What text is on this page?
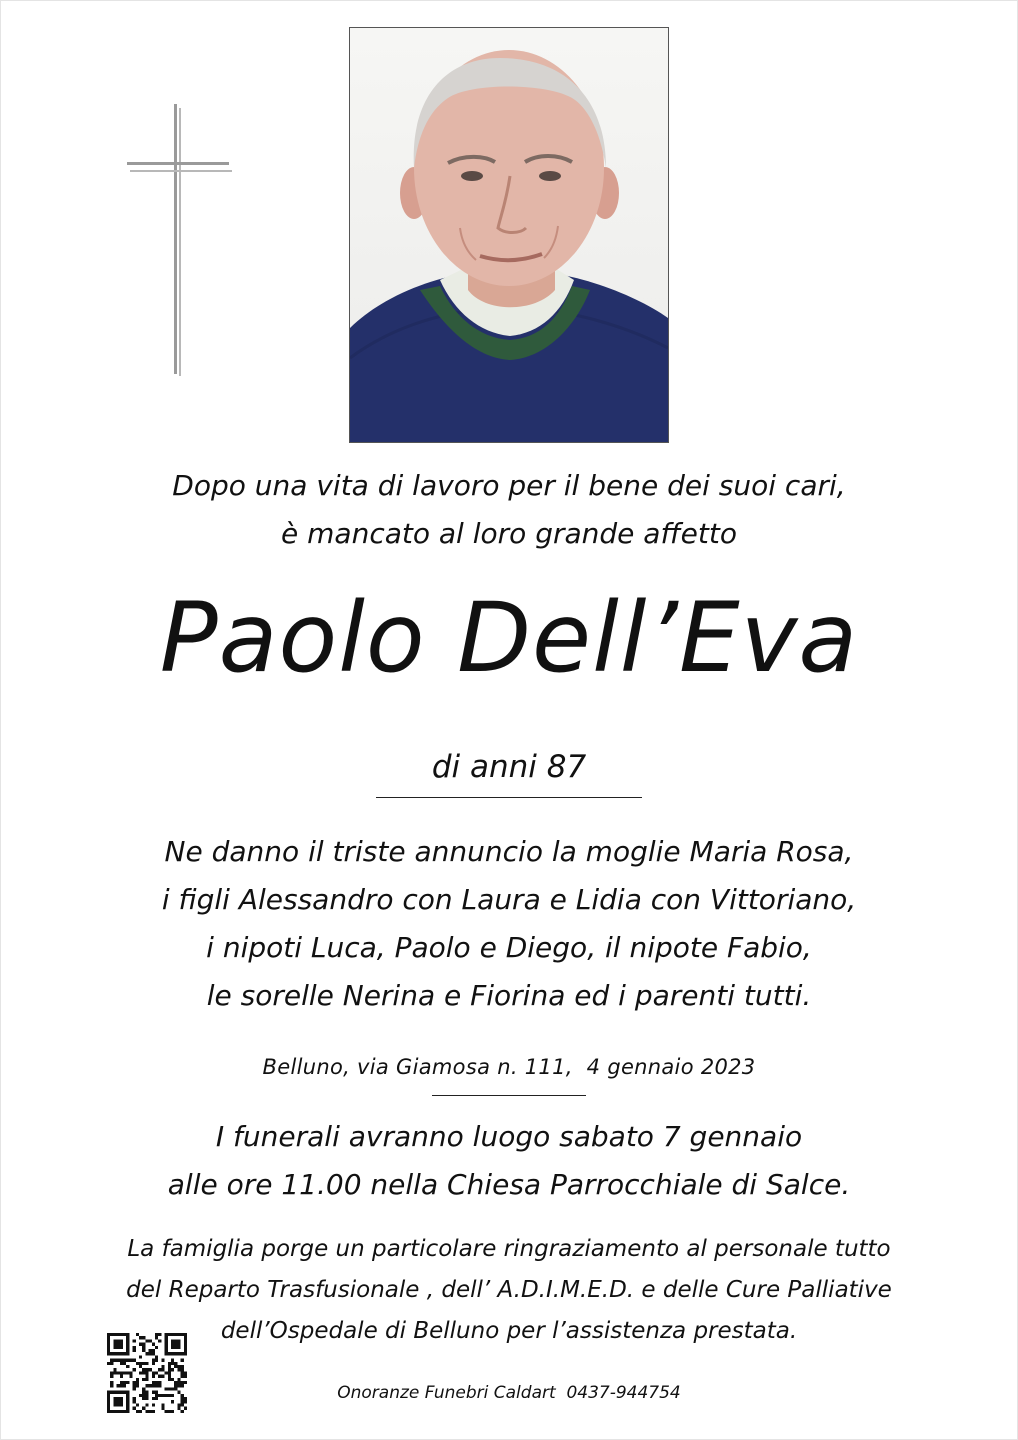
Dopo una vita di lavoro per il bene dei suoi cari,
è mancato al loro grande affetto
Paolo Dell’Eva
di anni 87
Ne danno il triste annuncio la moglie Maria Rosa,
i figli Alessandro con Laura e Lidia con Vittoriano,
i nipoti Luca, Paolo e Diego, il nipote Fabio,
le sorelle Nerina e Fiorina ed i parenti tutti.
Belluno, via Giamosa n. 111,  4 gennaio 2023
I funerali avranno luogo sabato 7 gennaio
alle ore 11.00 nella Chiesa Parrocchiale di Salce.
La famiglia porge un particolare ringraziamento al personale tutto
del Reparto Trasfusionale , dell’ A.D.I.M.E.D. e delle Cure Palliative
dell’Ospedale di Belluno per l’assistenza prestata.
Onoranze Funebri Caldart  0437-944754
